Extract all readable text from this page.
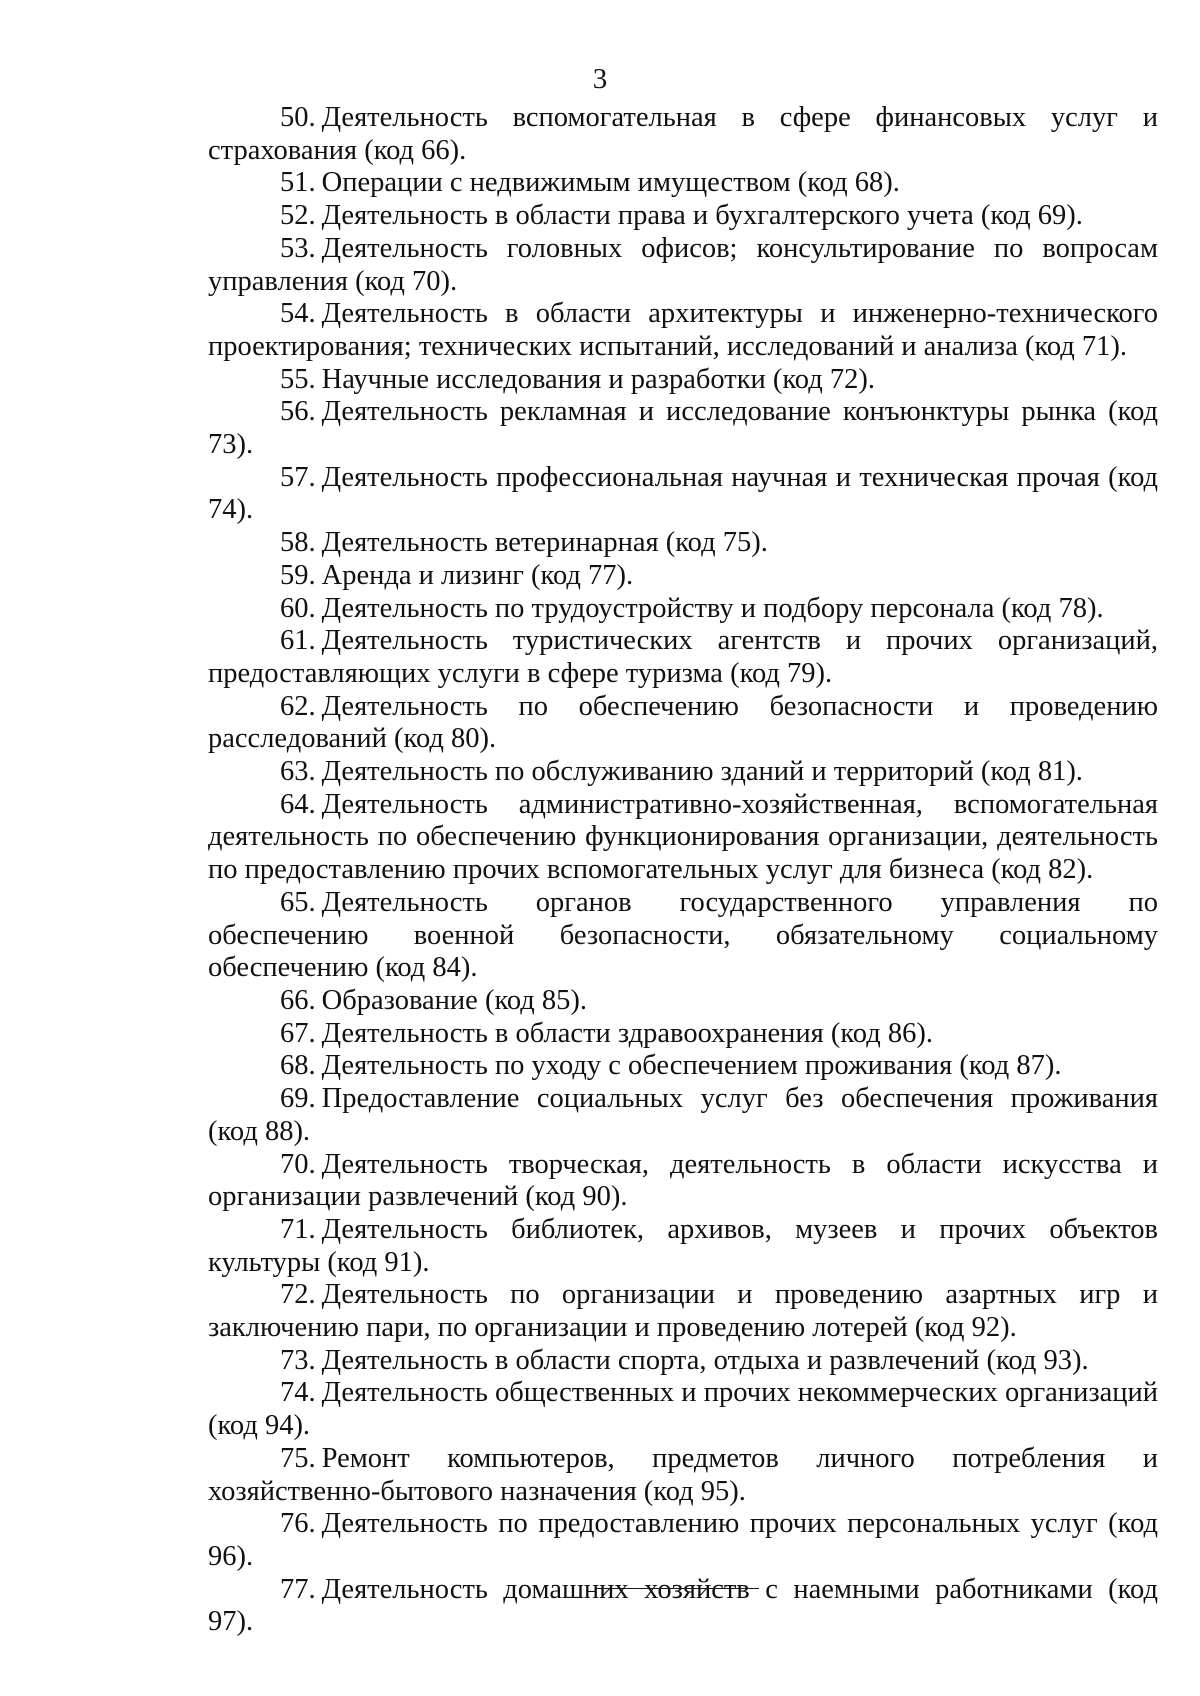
3

50. Деятельность вспомогательная в сфере финансовых услуг и страхования (код 66).

51. Операции с недвижимым имуществом (код 68).

52. Деятельность в области права и бухгалтерского учета (код 69).

53. Деятельность головных офисов; консультирование по вопросам управления (код 70).

54. Деятельность в области архитектуры и инженерно-технического проектирования; технических испытаний, исследований и анализа (код 71).

55. Научные исследования и разработки (код 72).

56. Деятельность рекламная и исследование конъюнктуры рынка (код 73).

57. Деятельность профессиональная научная и техническая прочая (код 74).

58. Деятельность ветеринарная (код 75).

59. Аренда и лизинг (код 77).

60. Деятельность по трудоустройству и подбору персонала (код 78).

61. Деятельность туристических агентств и прочих организаций, предоставляющих услуги в сфере туризма (код 79).

62. Деятельность по обеспечению безопасности и проведению расследований (код 80).

63. Деятельность по обслуживанию зданий и территорий (код 81).

64. Деятельность административно-хозяйственная, вспомогательная деятельность по обеспечению функционирования организации, деятельность по предоставлению прочих вспомогательных услуг для бизнеса (код 82).

65. Деятельность органов государственного управления по обеспечению военной безопасности, обязательному социальному обеспечению (код 84).

66. Образование (код 85).

67. Деятельность в области здравоохранения (код 86).

68. Деятельность по уходу с обеспечением проживания (код 87).

69. Предоставление социальных услуг без обеспечения проживания (код 88).

70. Деятельность творческая, деятельность в области искусства и организации развлечений (код 90).

71. Деятельность библиотек, архивов, музеев и прочих объектов культуры (код 91).

72. Деятельность по организации и проведению азартных игр и заключению пари, по организации и проведению лотерей (код 92).

73. Деятельность в области спорта, отдыха и развлечений (код 93).

74. Деятельность общественных и прочих некоммерческих организаций (код 94).

75. Ремонт компьютеров, предметов личного потребления и хозяйственно-бытового назначения (код 95).

76. Деятельность по предоставлению прочих персональных услуг (код 96).

77. Деятельность домашних хозяйств с наемными работниками (код 97).
